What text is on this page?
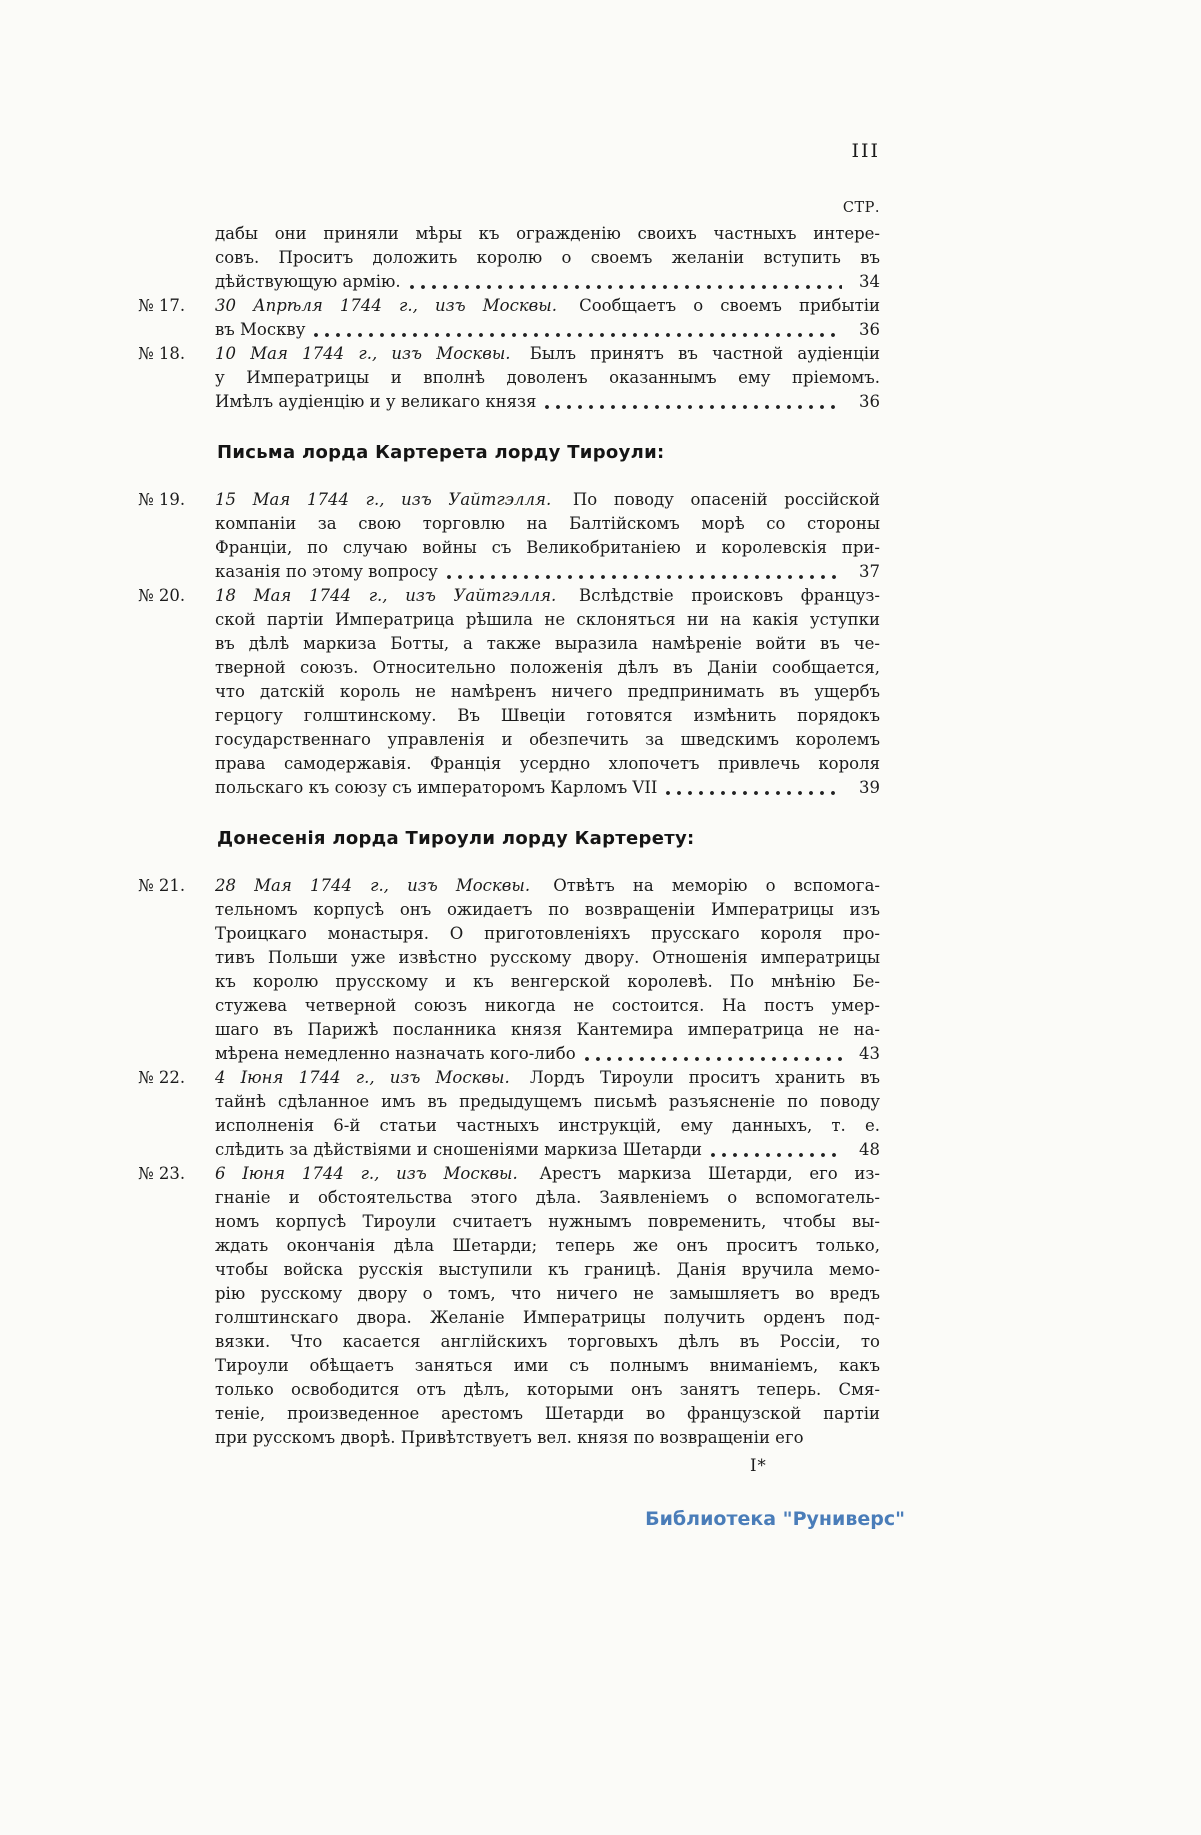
III
СТР.
дабы они приняли мѣры къ огражденію своихъ частныхъ интере-
совъ. Проситъ доложить королю о своемъ желаніи вступить въ
дѣйствующую армію.	34
№ 17. 30 Апрѣля 1744 г., изъ Москвы. Сообщаетъ о своемъ прибытіи
въ Москву	36
№ 18. 10 Мая 1744 г., изъ Москвы. Былъ принятъ въ частной аудіенціи
у Императрицы и вполнѣ доволенъ оказаннымъ ему пріемомъ.
Имѣлъ аудіенцію и у великаго князя	36
Письма лорда Картерета лорду Тироули:
№ 19. 15 Мая 1744 г., изъ Уайтгэлля. По поводу опасеній россійской
компаніи за свою торговлю на Балтійскомъ морѣ со стороны
Франціи, по случаю войны съ Великобританіею и королевскія при-
казанія по этому вопросу	37
№ 20. 18 Мая 1744 г., изъ Уайтгэлля. Вслѣдствіе происковъ француз-
ской партіи Императрица рѣшила не склоняться ни на какія уступки
въ дѣлѣ маркиза Ботты, а также выразила намѣреніе войти въ че-
тверной союзъ. Относительно положенія дѣлъ въ Даніи сообщается,
что датскій король не намѣренъ ничего предпринимать въ ущербъ
герцогу голштинскому. Въ Швеціи готовятся измѣнить порядокъ
государственнаго управленія и обезпечить за шведскимъ королемъ
права самодержавія. Франція усердно хлопочетъ привлечь короля
польскаго къ союзу съ императоромъ Карломъ VII	39
Донесенія лорда Тироули лорду Картерету:
№ 21. 28 Мая 1744 г., изъ Москвы. Отвѣтъ на меморію о вспомога-
тельномъ корпусѣ онъ ожидаетъ по возвращеніи Императрицы изъ
Троицкаго монастыря. О приготовленіяхъ прусскаго короля про-
тивъ Польши уже извѣстно русскому двору. Отношенія императрицы
къ королю прусскому и къ венгерской королевѣ. По мнѣнію Бе-
стужева четверной союзъ никогда не состоится. На постъ умер-
шаго въ Парижѣ посланника князя Кантемира императрица не на-
мѣрена немедленно назначать кого-либо	43
№ 22. 4 Іюня 1744 г., изъ Москвы. Лордъ Тироули проситъ хранить въ
тайнѣ сдѣланное имъ въ предыдущемъ письмѣ разъясненіе по поводу
исполненія 6-й статьи частныхъ инструкцій, ему данныхъ, т. е.
слѣдить за дѣйствіями и сношеніями маркиза Шетарди	48
№ 23. 6 Іюня 1744 г., изъ Москвы. Арестъ маркиза Шетарди, его из-
гнаніе и обстоятельства этого дѣла. Заявленіемъ о вспомогатель-
номъ корпусѣ Тироули считаетъ нужнымъ повременить, чтобы вы-
ждать окончанія дѣла Шетарди; теперь же онъ проситъ только,
чтобы войска русскія выступили къ границѣ. Данія вручила мемо-
рію русскому двору о томъ, что ничего не замышляетъ во вредъ
голштинскаго двора. Желаніе Императрицы получить орденъ под-
вязки. Что касается англійскихъ торговыхъ дѣлъ въ Россіи, то
Тироули обѣщаетъ заняться ими съ полнымъ вниманіемъ, какъ
только освободится отъ дѣлъ, которыми онъ занятъ теперь. Смя-
теніе, произведенное арестомъ Шетарди во французской партіи
при русскомъ дворѣ. Привѣтствуетъ вел. князя по возвращеніи его
I*
Библиотека "Руниверс"
